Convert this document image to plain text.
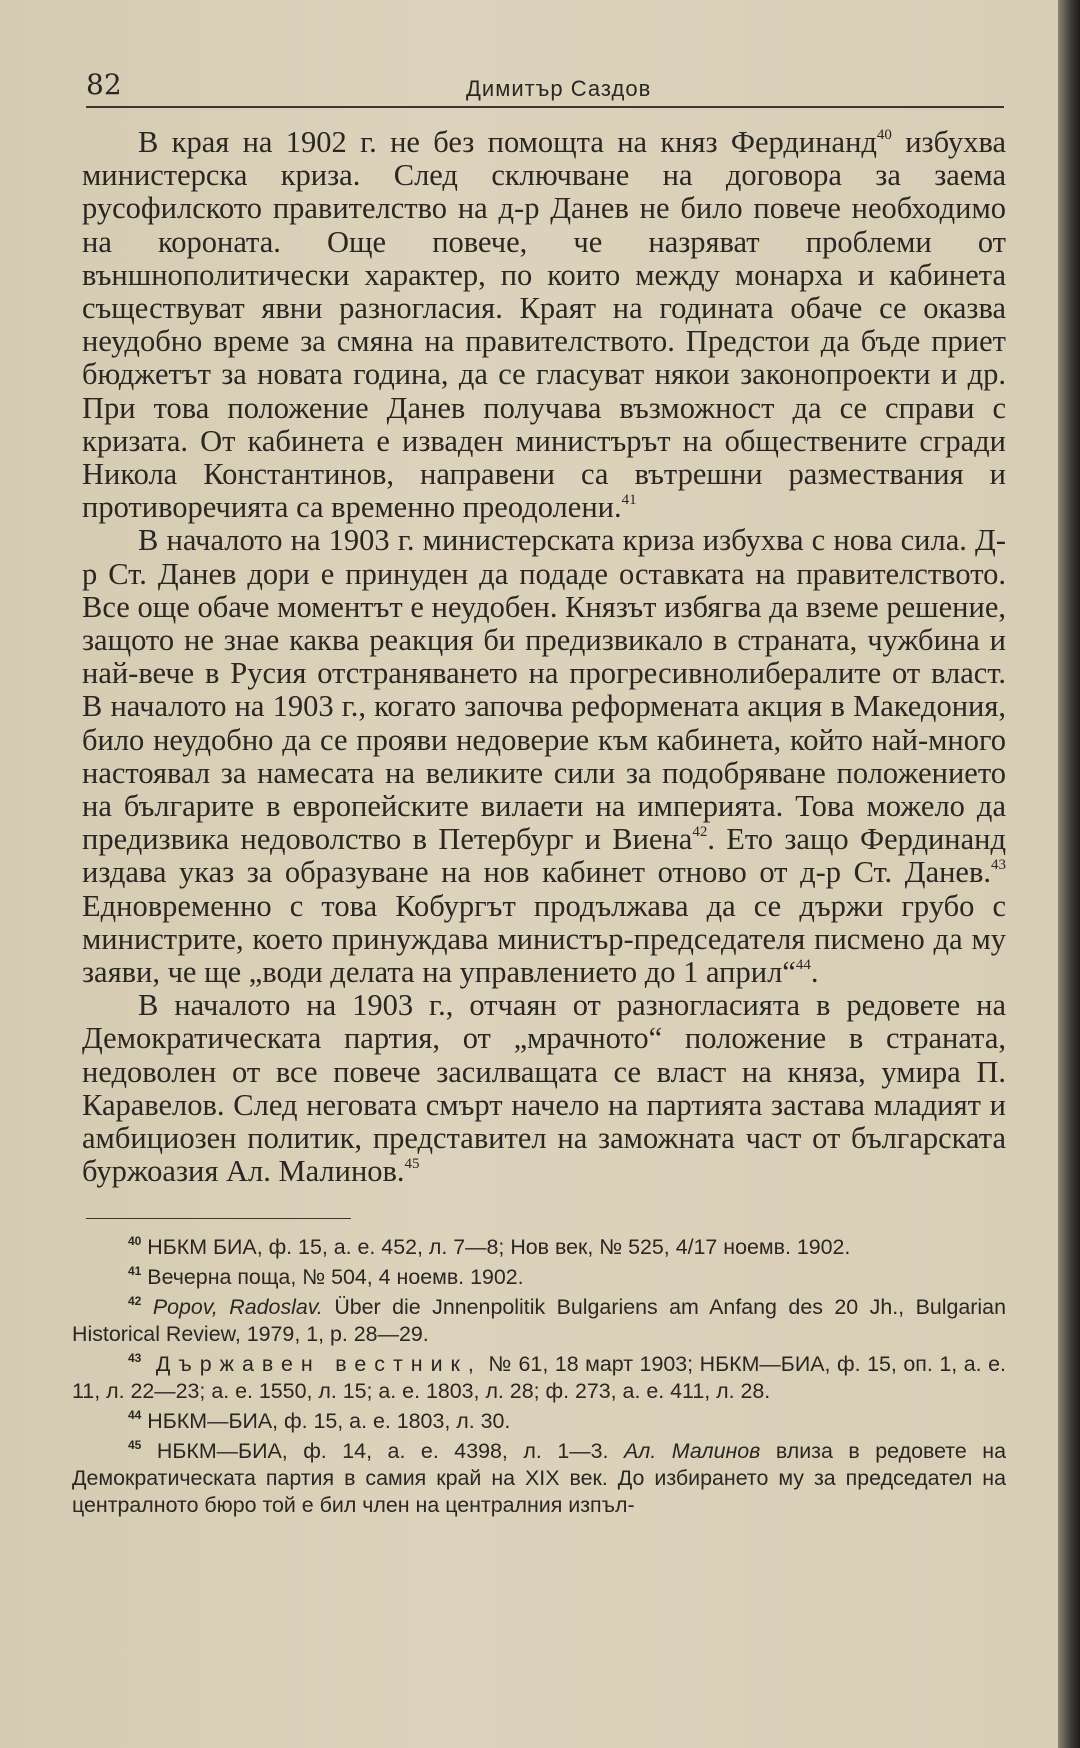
82	Димитър Саздов

В края на 1902 г. не без помощта на княз Фердинанд$^{40}$ избухва министерска криза. След сключване на договора за заема русофилското правителство на д-р Данев не било повече необходимо на короната. Още повече, че назряват проблеми от външнополитически характер, по които между монарха и кабинета съществуват явни разногласия. Краят на годината обаче се оказва неудобно време за смяна на правителството. Предстои да бъде приет бюджетът за новата година, да се гласуват някои законопроекти и др. При това положение Данев получава възможност да се справи с кризата. От кабинета е изваден министърът на обществените сгради Никола Константинов, направени са вътрешни размествания и противоречията са временно преодолени.$^{41}$

В началото на 1903 г. министерската криза избухва с нова сила. Д-р Ст. Данев дори е принуден да подаде оставката на правителството. Все още обаче моментът е неудобен. Князът избягва да вземе решение, защото не знае каква реакция би предизвикало в страната, чужбина и най-вече в Русия отстраняването на прогресивнолибералите от власт. В началото на 1903 г., когато започва реформената акция в Македония, било неудобно да се прояви недоверие към кабинета, който най-много настоявал за намесата на великите сили за подобряване положението на българите в европейските вилаети на империята. Това можело да предизвика недоволство в Петербург и Виена$^{42}$. Ето защо Фердинанд издава указ за образуване на нов кабинет отново от д-р Ст. Данев.$^{43}$ Едновременно с това Кобургът продължава да се държи грубо с министрите, което принуждава министър-председателя писмено да му заяви, че ще „води делата на управлението до 1 април“$^{44}$.

В началото на 1903 г., отчаян от разногласията в редовете на Демократическата партия, от „мрачното“ положение в страната, недоволен от все повече засилващата се власт на княза, умира П. Каравелов. След неговата смърт начело на партията застава младият и амбициозен политик, представител на заможната част от българската буржоазия Ал. Малинов.$^{45}$

$^{40}$ НБКМ БИА, ф. 15, а. е. 452, л. 7—8; Нов век, № 525, 4/17 ноемв. 1902.

$^{41}$ Вечерна поща, № 504, 4 ноемв. 1902.

$^{42}$ Popov, Radoslav. Über die Jnnenpolitik Bulgariens am Anfang des 20 Jh., Bulgarian Historical Review, 1979, 1, p. 28—29.

$^{43}$ Държавен вестник, № 61, 18 март 1903; НБКМ—БИА, ф. 15, оп. 1, а. е. 11, л. 22—23; а. е. 1550, л. 15; а. е. 1803, л. 28; ф. 273, а. е. 411, л. 28.

$^{44}$ НБКМ—БИА, ф. 15, а. е. 1803, л. 30.

$^{45}$ НБКМ—БИА, ф. 14, а. е. 4398, л. 1—3. Ал. Малинов влиза в редовете на Демократическата партия в самия край на XIX век. До избирането му за председател на централното бюро той е бил член на централния изпъл-
